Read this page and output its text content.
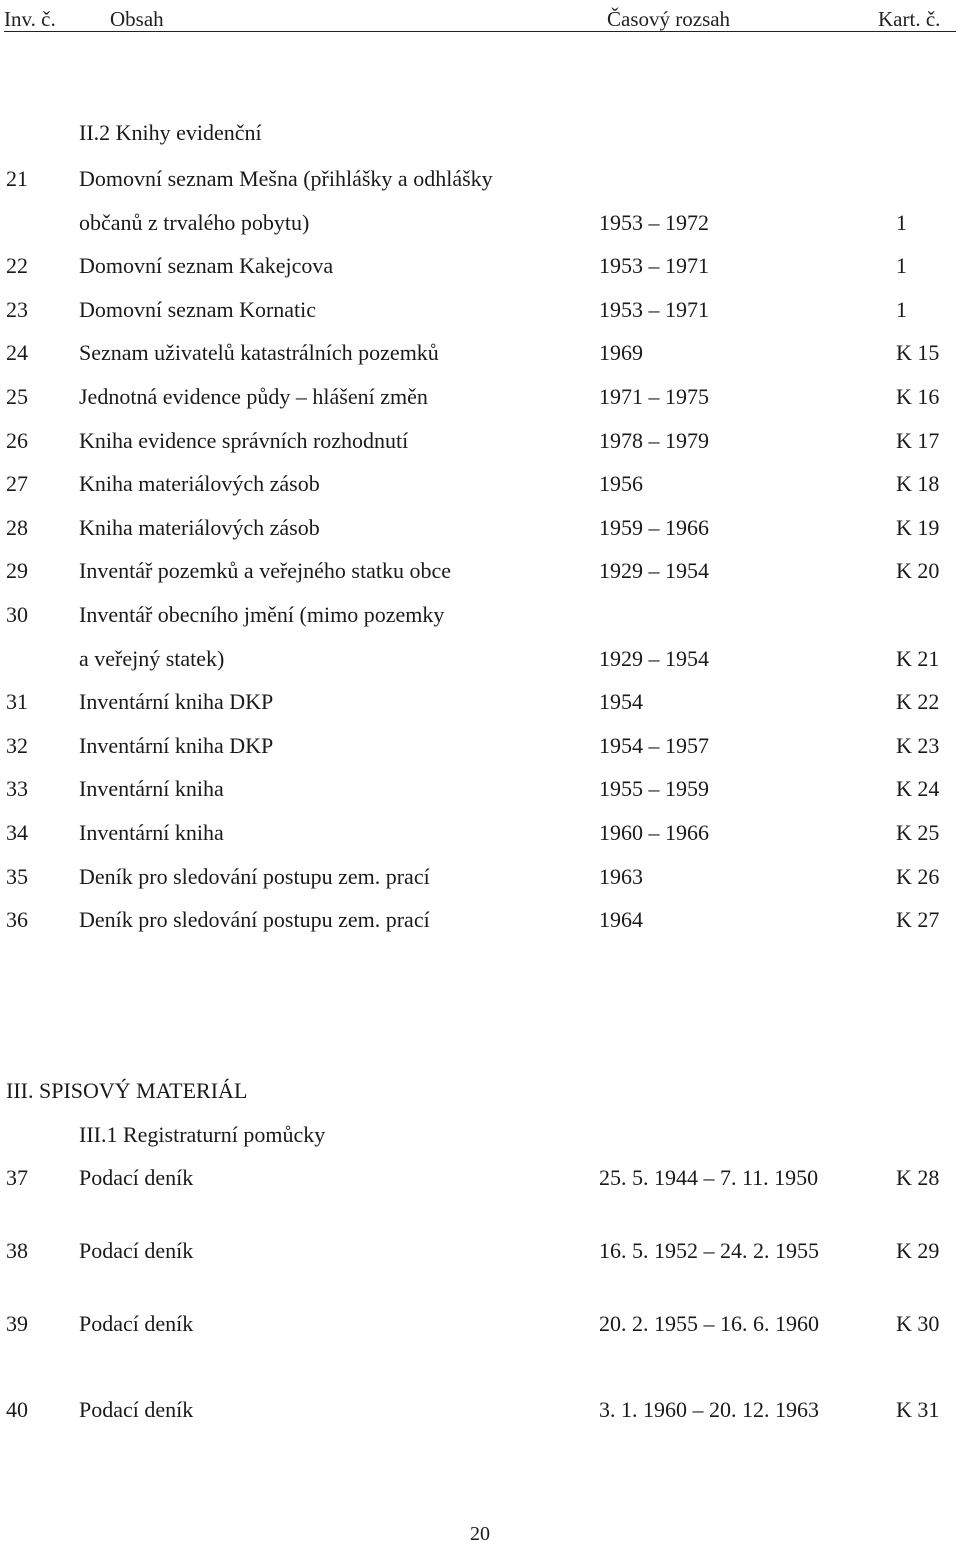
Inv. č.	Obsah	Časový rozsah	Kart. č.
II.2 Knihy evidenční
21 Domovní seznam Mešna (přihlášky a odhlášky
občanů z trvalého pobytu)	1953 – 1972	1
22 Domovní seznam Kakejcova	1953 – 1971	1
23 Domovní seznam Kornatic	1953 – 1971	1
24 Seznam uživatelů katastrálních pozemků	1969	K 15
25 Jednotná evidence půdy – hlášení změn	1971 – 1975	K 16
26 Kniha evidence správních rozhodnutí	1978 – 1979	K 17
27 Kniha materiálových zásob	1956	K 18
28 Kniha materiálových zásob	1959 – 1966	K 19
29 Inventář pozemků a veřejného statku obce	1929 – 1954	K 20
30 Inventář obecního jmění (mimo pozemky
a veřejný statek)	1929 – 1954	K 21
31 Inventární kniha DKP	1954	K 22
32 Inventární kniha DKP	1954 – 1957	K 23
33 Inventární kniha	1955 – 1959	K 24
34 Inventární kniha	1960 – 1966	K 25
35 Deník pro sledování postupu zem. prací	1963	K 26
36 Deník pro sledování postupu zem. prací	1964	K 27
III. SPISOVÝ MATERIÁL
III.1 Registraturní pomůcky
37 Podací deník	25. 5. 1944 – 7. 11. 1950	K 28
38 Podací deník	16. 5. 1952 – 24. 2. 1955	K 29
39 Podací deník	20. 2. 1955 – 16. 6. 1960	K 30
40 Podací deník	3. 1. 1960 – 20. 12. 1963	K 31
20
